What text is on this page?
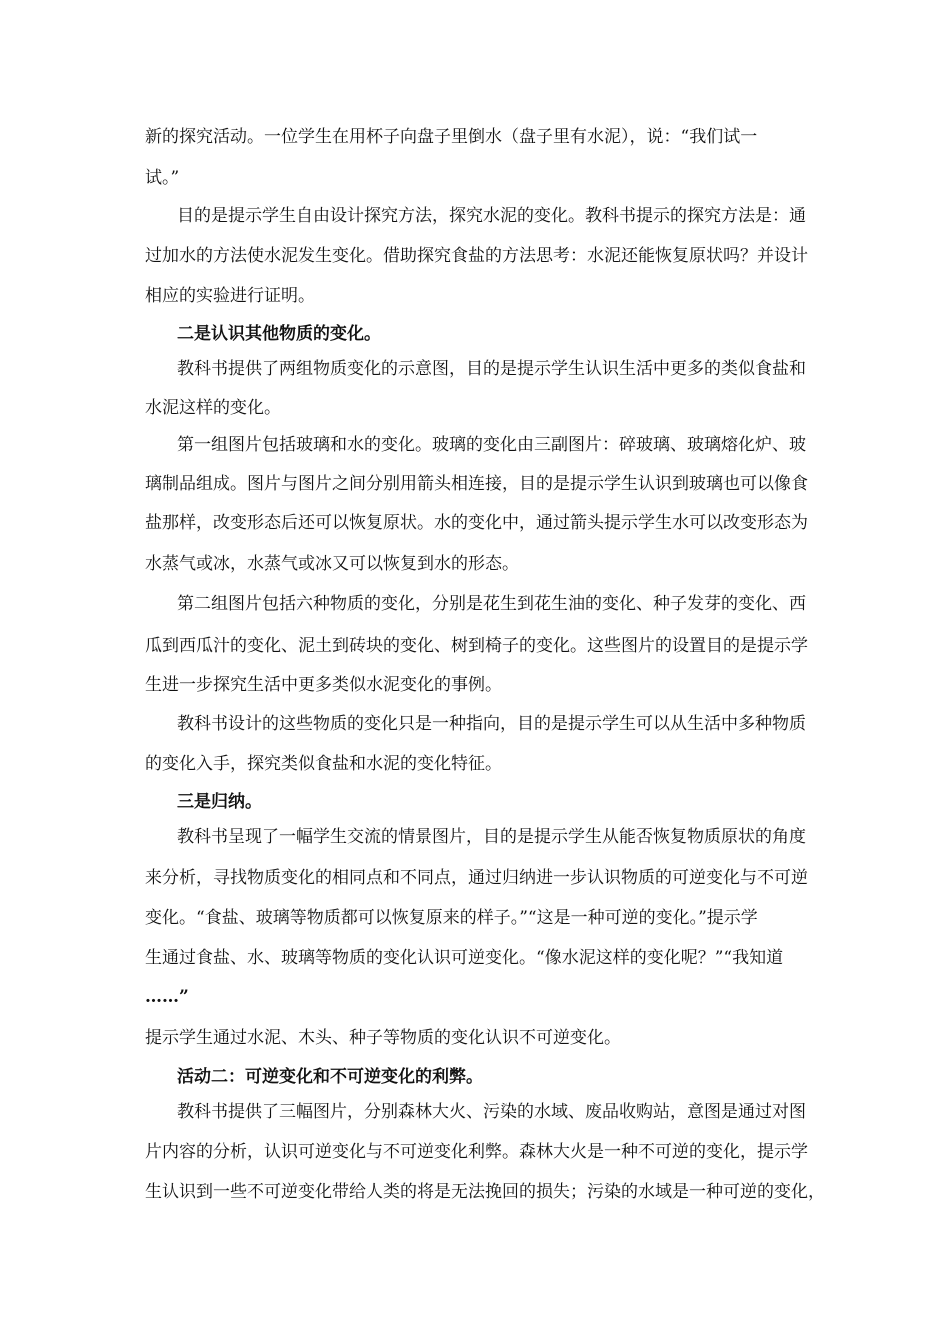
新的探究活动。一位学生在用杯子向盘子里倒水（盘子里有水泥），说：“我们试一
试。”
目的是提示学生自由设计探究方法，探究水泥的变化。教科书提示的探究方法是：通
过加水的方法使水泥发生变化。借助探究食盐的方法思考：水泥还能恢复原状吗？并设计
相应的实验进行证明。
二是认识其他物质的变化。
教科书提供了两组物质变化的示意图，目的是提示学生认识生活中更多的类似食盐和
水泥这样的变化。
第一组图片包括玻璃和水的变化。玻璃的变化由三副图片：碎玻璃、玻璃熔化炉、玻
璃制品组成。图片与图片之间分别用箭头相连接，目的是提示学生认识到玻璃也可以像食
盐那样，改变形态后还可以恢复原状。水的变化中，通过箭头提示学生水可以改变形态为
水蒸气或冰，水蒸气或冰又可以恢复到水的形态。
第二组图片包括六种物质的变化，分别是花生到花生油的变化、种子发芽的变化、西
瓜到西瓜汁的变化、泥土到砖块的变化、树到椅子的变化。这些图片的设置目的是提示学
生进一步探究生活中更多类似水泥变化的事例。
教科书设计的这些物质的变化只是一种指向，目的是提示学生可以从生活中多种物质
的变化入手，探究类似食盐和水泥的变化特征。
三是归纳。
教科书呈现了一幅学生交流的情景图片，目的是提示学生从能否恢复物质原状的角度
来分析，寻找物质变化的相同点和不同点，通过归纳进一步认识物质的可逆变化与不可逆
变化。“食盐、玻璃等物质都可以恢复原来的样子。”“这是一种可逆的变化。”提示学
生通过食盐、水、玻璃等物质的变化认识可逆变化。“像水泥这样的变化呢？”“我知道
……”
提示学生通过水泥、木头、种子等物质的变化认识不可逆变化。
活动二：可逆变化和不可逆变化的利弊。
教科书提供了三幅图片，分别森林大火、污染的水域、废品收购站，意图是通过对图
片内容的分析，认识可逆变化与不可逆变化利弊。森林大火是一种不可逆的变化，提示学
生认识到一些不可逆变化带给人类的将是无法挽回的损失；污染的水域是一种可逆的变化，
